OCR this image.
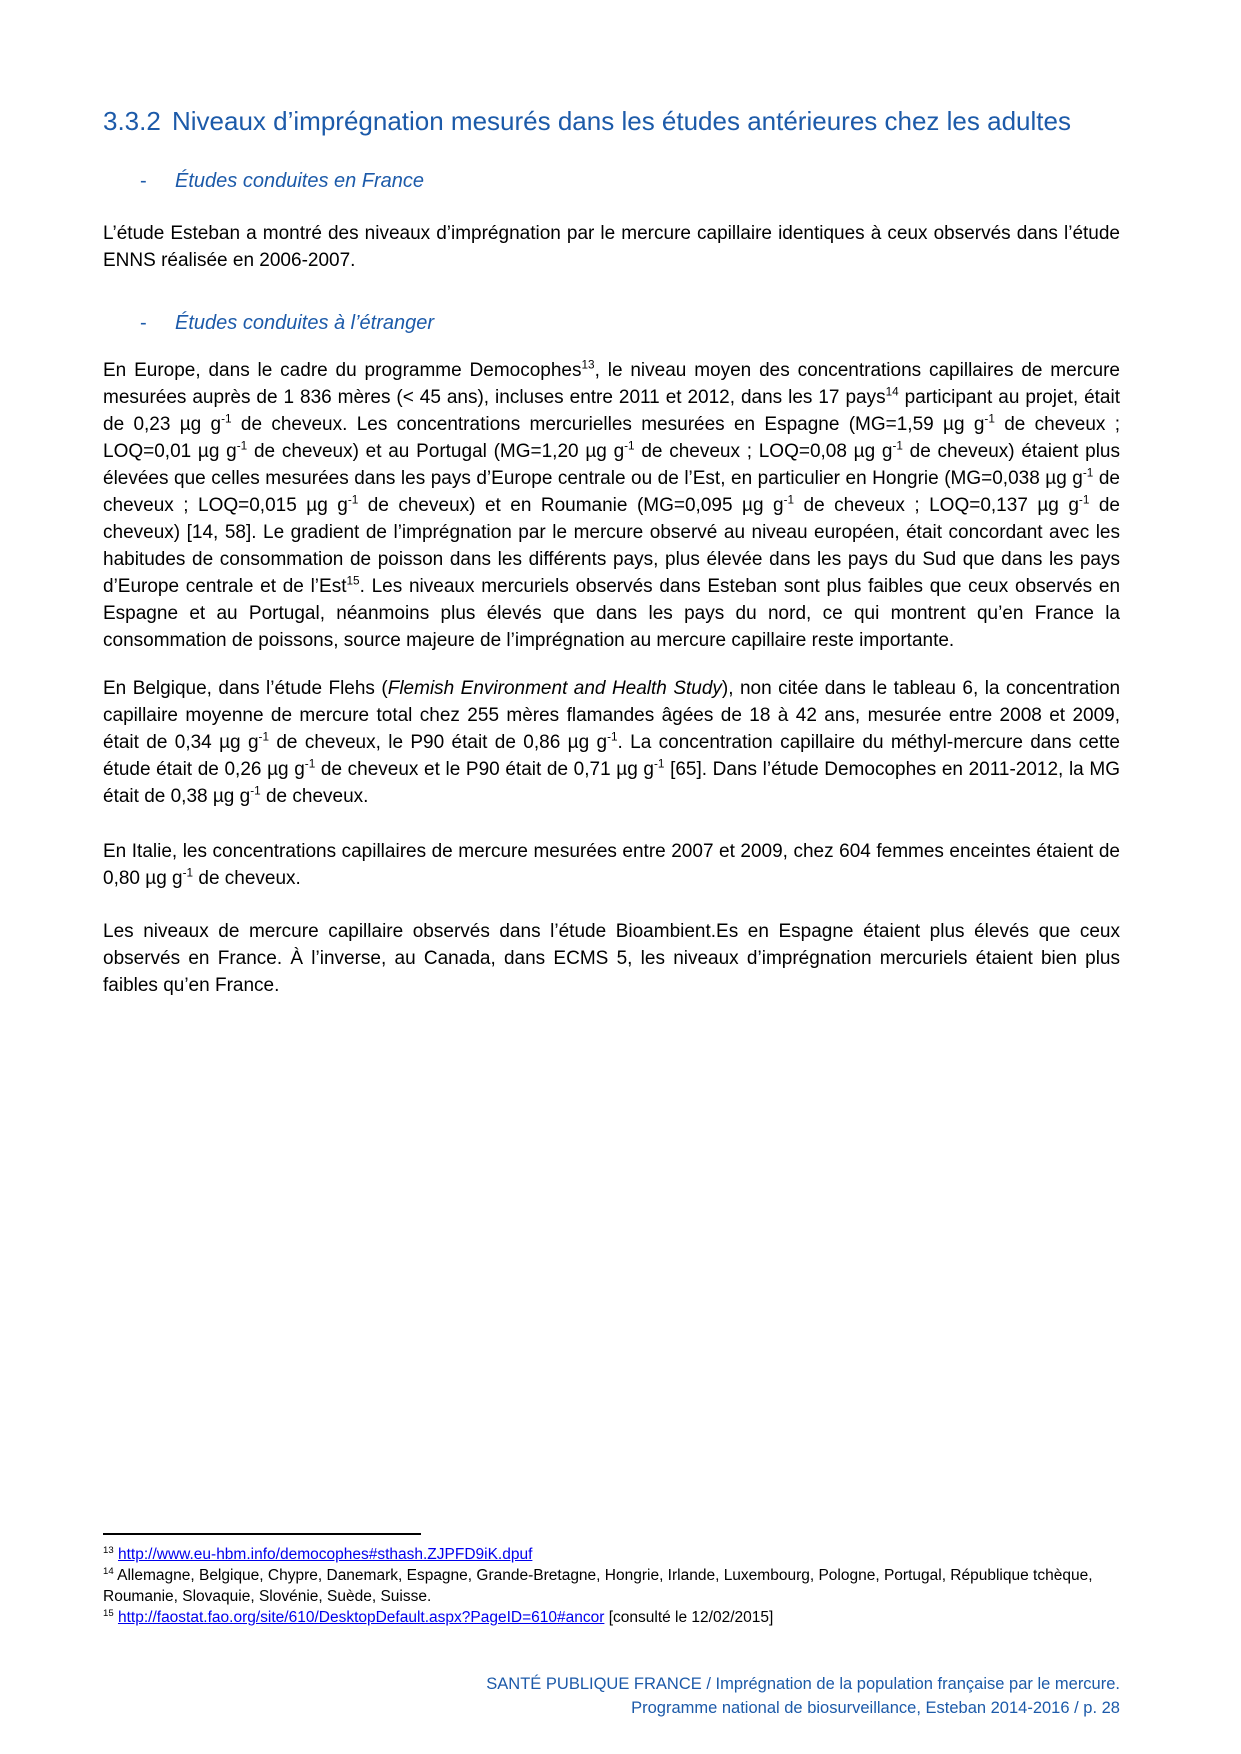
3.3.2 Niveaux d’imprégnation mesurés dans les études antérieures chez les adultes
-	Études conduites en France

L’étude Esteban a montré des niveaux d’imprégnation par le mercure capillaire identiques à ceux observés dans l’étude ENNS réalisée en 2006-2007.

-	Études conduites à l’étranger

En Europe, dans le cadre du programme Democophes$^{13}$, le niveau moyen des concentrations capillaires de mercure mesurées auprès de 1 836 mères (< 45 ans), incluses entre 2011 et 2012, dans les 17 pays$^{14}$ participant au projet, était de 0,23 µg $g^{-1}$ de cheveux. Les concentrations mercurielles mesurées en Espagne (MG=1,59 µg $g^{-1}$ de cheveux ; LOQ=0,01 µg $g^{-1}$ de cheveux) et au Portugal (MG=1,20 µg $g^{-1}$ de cheveux ; LOQ=0,08 µg $g^{-1}$ de cheveux) étaient plus élevées que celles mesurées dans les pays d’Europe centrale ou de l’Est, en particulier en Hongrie (MG=0,038 µg $g^{-1}$ de cheveux ; LOQ=0,015 µg $g^{-1}$ de cheveux) et en Roumanie (MG=0,095 µg $g^{-1}$ de cheveux ; LOQ=0,137 µg $g^{-1}$ de cheveux) [14, 58]. Le gradient de l’imprégnation par le mercure observé au niveau européen, était concordant avec les habitudes de consommation de poisson dans les différents pays, plus élevée dans les pays du Sud que dans les pays d’Europe centrale et de l’Est$^{15}$. Les niveaux mercuriels observés dans Esteban sont plus faibles que ceux observés en Espagne et au Portugal, néanmoins plus élevés que dans les pays du nord, ce qui montrent qu’en France la consommation de poissons, source majeure de l’imprégnation au mercure capillaire reste importante.

En Belgique, dans l’étude Flehs (Flemish Environment and Health Study), non citée dans le tableau 6, la concentration capillaire moyenne de mercure total chez 255 mères flamandes âgées de 18 à 42 ans, mesurée entre 2008 et 2009, était de 0,34 µg $g^{-1}$ de cheveux, le P90 était de 0,86 µg $g^{-1}$. La concentration capillaire du méthyl-mercure dans cette étude était de 0,26 µg $g^{-1}$ de cheveux et le P90 était de 0,71 µg $g^{-1}$ [65]. Dans l’étude Democophes en 2011-2012, la MG était de 0,38 µg $g^{-1}$ de cheveux.

En Italie, les concentrations capillaires de mercure mesurées entre 2007 et 2009, chez 604 femmes enceintes étaient de 0,80 µg $g^{-1}$ de cheveux.

Les niveaux de mercure capillaire observés dans l’étude Bioambient.Es en Espagne étaient plus élevés que ceux observés en France. À l’inverse, au Canada, dans ECMS 5, les niveaux d’imprégnation mercuriels étaient bien plus faibles qu’en France.

$^{13}$ http://www.eu-hbm.info/democophes#sthash.ZJPFD9iK.dpuf

$^{14}$ Allemagne, Belgique, Chypre, Danemark, Espagne, Grande-Bretagne, Hongrie, Irlande, Luxembourg, Pologne, Portugal, République tchèque, Roumanie, Slovaquie, Slovénie, Suède, Suisse.

$^{15}$ http://faostat.fao.org/site/610/DesktopDefault.aspx?PageID=610#ancor [consulté le 12/02/2015]

SANTÉ PUBLIQUE FRANCE / Imprégnation de la population française par le mercure.
Programme national de biosurveillance, Esteban 2014-2016 / p. 28
